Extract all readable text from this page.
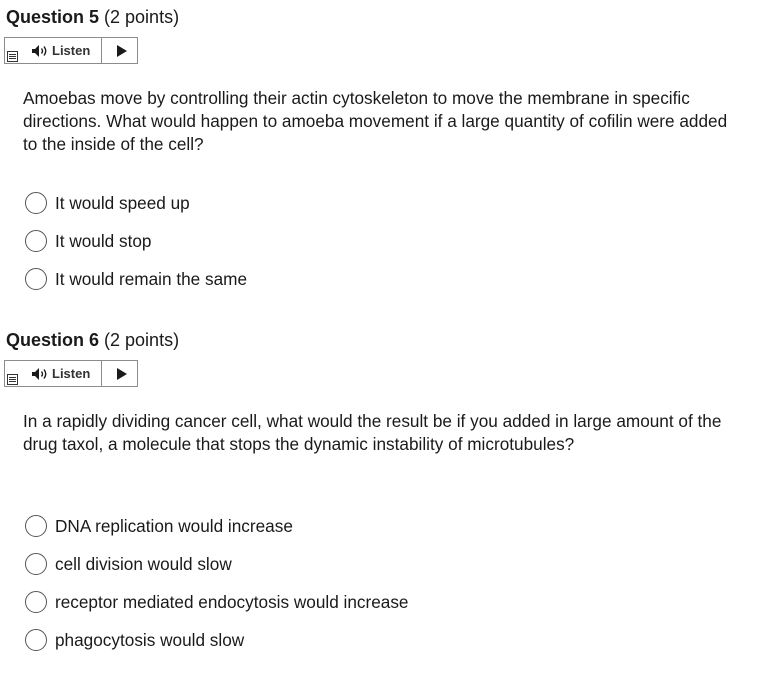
Question 5 (2 points)
Listen

Amoebas move by controlling their actin cytoskeleton to move the membrane in specific directions. What would happen to amoeba movement if a large quantity of cofilin were added to the inside of the cell?

It would speed up
It would stop
It would remain the same
Question 6 (2 points)
Listen

In a rapidly dividing cancer cell, what would the result be if you added in large amount of the drug taxol, a molecule that stops the dynamic instability of microtubules?

DNA replication would increase
cell division would slow
receptor mediated endocytosis would increase
phagocytosis would slow
